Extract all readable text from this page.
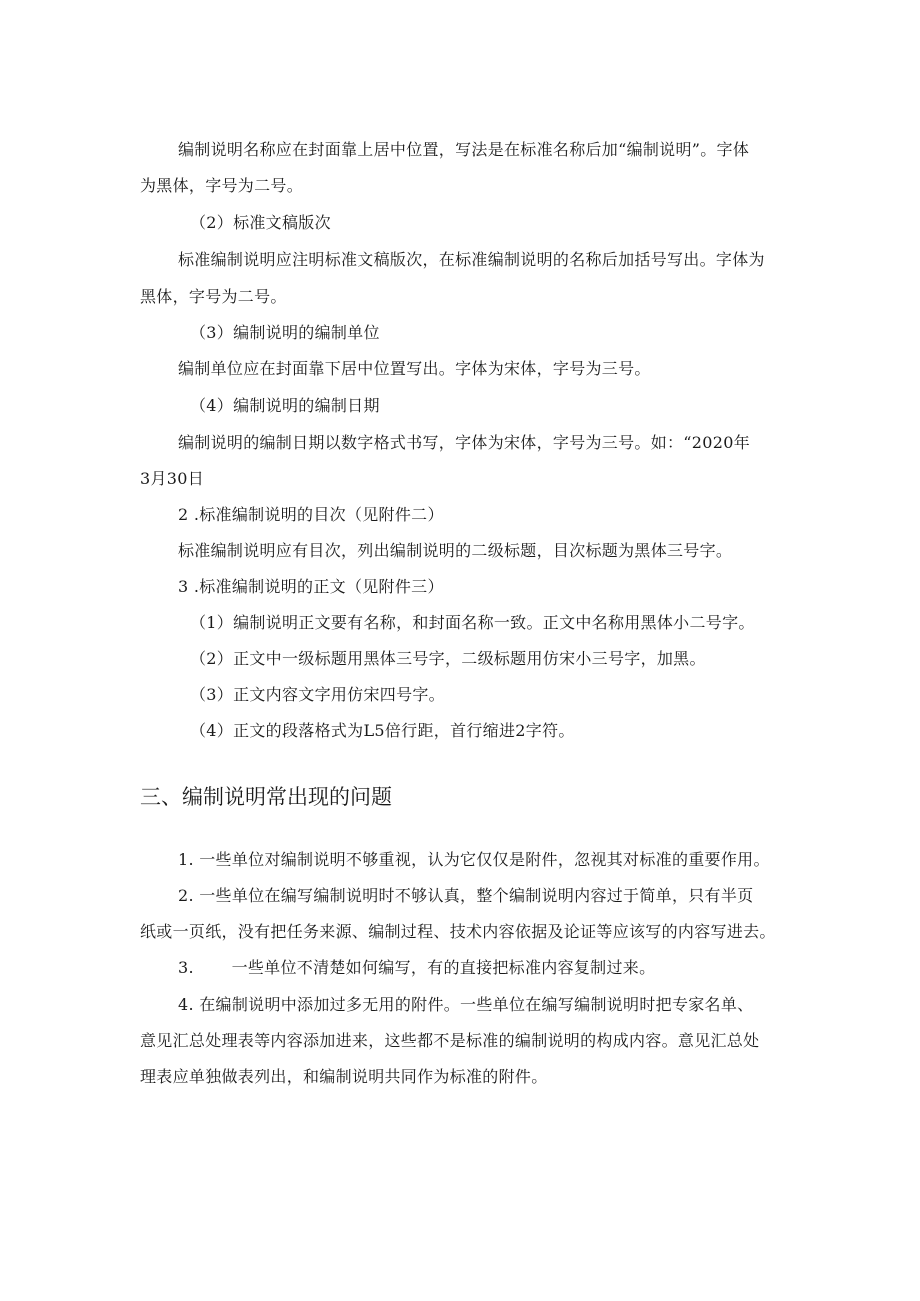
编制说明名称应在封面靠上居中位置，写法是在标准名称后加“编制说明”。字体
为黑体，字号为二号。
（2）标准文稿版次
标准编制说明应注明标准文稿版次，在标准编制说明的名称后加括号写出。字体为
黑体，字号为二号。
（3）编制说明的编制单位
编制单位应在封面靠下居中位置写出。字体为宋体，字号为三号。
（4）编制说明的编制日期
编制说明的编制日期以数字格式书写，字体为宋体，字号为三号。如：“2020年
3月30日
2 .标准编制说明的目次（见附件二）
标准编制说明应有目次，列出编制说明的二级标题，目次标题为黑体三号字。
3 .标准编制说明的正文（见附件三）
（1）编制说明正文要有名称，和封面名称一致。正文中名称用黑体小二号字。
（2）正文中一级标题用黑体三号字，二级标题用仿宋小三号字，加黑。
（3）正文内容文字用仿宋四号字。
（4）正文的段落格式为L5倍行距，首行缩进2字符。
三、编制说明常出现的问题
1. 一些单位对编制说明不够重视，认为它仅仅是附件，忽视其对标准的重要作用。
2. 一些单位在编写编制说明时不够认真，整个编制说明内容过于简单，只有半页
纸或一页纸，没有把任务来源、编制过程、技术内容依据及论证等应该写的内容写进去。
3.       一些单位不清楚如何编写，有的直接把标准内容复制过来。
4. 在编制说明中添加过多无用的附件。一些单位在编写编制说明时把专家名单、
意见汇总处理表等内容添加进来，这些都不是标准的编制说明的构成内容。意见汇总处
理表应单独做表列出，和编制说明共同作为标准的附件。
